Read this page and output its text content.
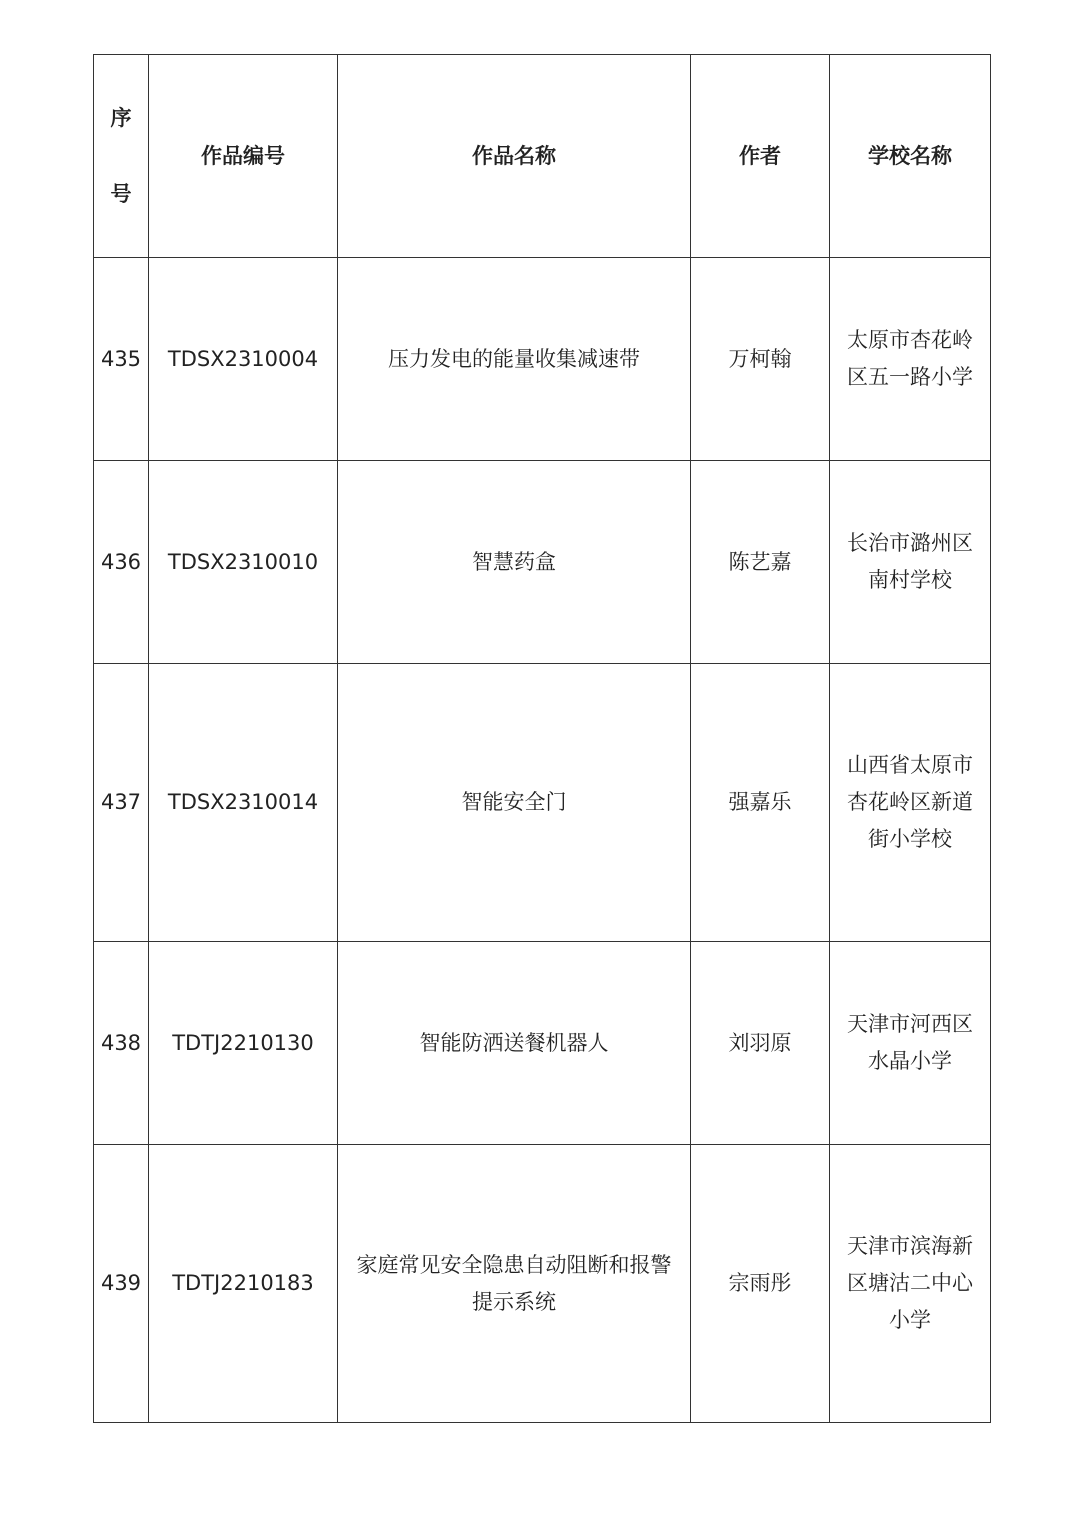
序
号	作品编号	作品名称	作者	学校名称
435	TDSX2310004	压力发电的能量收集减速带	万柯翰	太原市杏花岭
区五一路小学

436	TDSX2310010	智慧药盒	陈艺嘉	长治市潞州区
南村学校

437	TDSX2310014	智能安全门	强嘉乐	山西省太原市
杏花岭区新道
街小学校

438	TDTJ2210130	智能防洒送餐机器人	刘羽原	天津市河西区
水晶小学

439	TDTJ2210183	家庭常见安全隐患自动阻断和报警
提示系统	宗雨彤	天津市滨海新
区塘沽二中心
小学
